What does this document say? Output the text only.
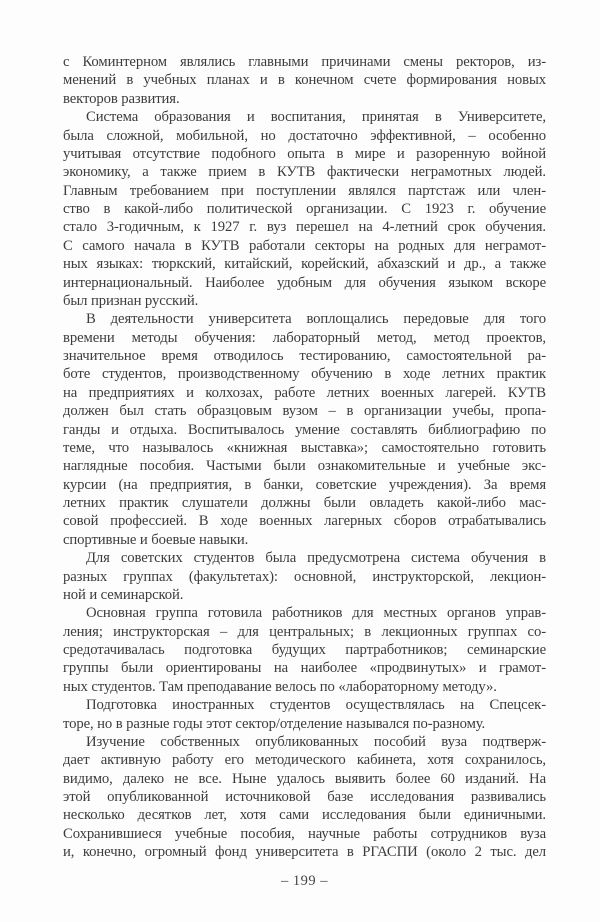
с Коминтерном являлись главными причинами смены ректоров, из-
менений в учебных планах и в конечном счете формирования новых
векторов развития.
Система образования и воспитания, принятая в Университете,
была сложной, мобильной, но достаточно эффективной, – особенно
учитывая отсутствие подобного опыта в мире и разоренную войной
экономику, а также прием в КУТВ фактически неграмотных людей.
Главным требованием при поступлении являлся партстаж или член-
ство в какой-либо политической организации. С 1923 г. обучение
стало 3-годичным, к 1927 г. вуз перешел на 4-летний срок обучения.
С самого начала в КУТВ работали секторы на родных для неграмот-
ных языках: тюркский, китайский, корейский, абхазский и др., а также
интернациональный. Наиболее удобным для обучения языком вскоре
был признан русский.
В деятельности университета воплощались передовые для того
времени методы обучения: лабораторный метод, метод проектов,
значительное время отводилось тестированию, самостоятельной ра-
боте студентов, производственному обучению в ходе летних практик
на предприятиях и колхозах, работе летних военных лагерей. КУТВ
должен был стать образцовым вузом – в организации учебы, пропа-
ганды и отдыха. Воспитывалось умение составлять библиографию по
теме, что называлось «книжная выставка»; самостоятельно готовить
наглядные пособия. Частыми были ознакомительные и учебные экс-
курсии (на предприятия, в банки, советские учреждения). За время
летних практик слушатели должны были овладеть какой-либо мас-
совой профессией. В ходе военных лагерных сборов отрабатывались
спортивные и боевые навыки.
Для советских студентов была предусмотрена система обучения в
разных группах (факультетах): основной, инструкторской, лекцион-
ной и семинарской.
Основная группа готовила работников для местных органов управ-
ления; инструкторская – для центральных; в лекционных группах со-
средотачивалась подготовка будущих партработников; семинарские
группы были ориентированы на наиболее «продвинутых» и грамот-
ных студентов. Там преподавание велось по «лабораторному методу».
Подготовка иностранных студентов осуществлялась на Спецсек-
торе, но в разные годы этот сектор/отделение назывался по-разному.
Изучение собственных опубликованных пособий вуза подтверж-
дает активную работу его методического кабинета, хотя сохранилось,
видимо, далеко не все. Ныне удалось выявить более 60 изданий. На
этой опубликованной источниковой базе исследования развивались
несколько десятков лет, хотя сами исследования были единичными.
Сохранившиеся учебные пособия, научные работы сотрудников вуза
и, конечно, огромный фонд университета в РГАСПИ (около 2 тыс. дел
– 199 –
